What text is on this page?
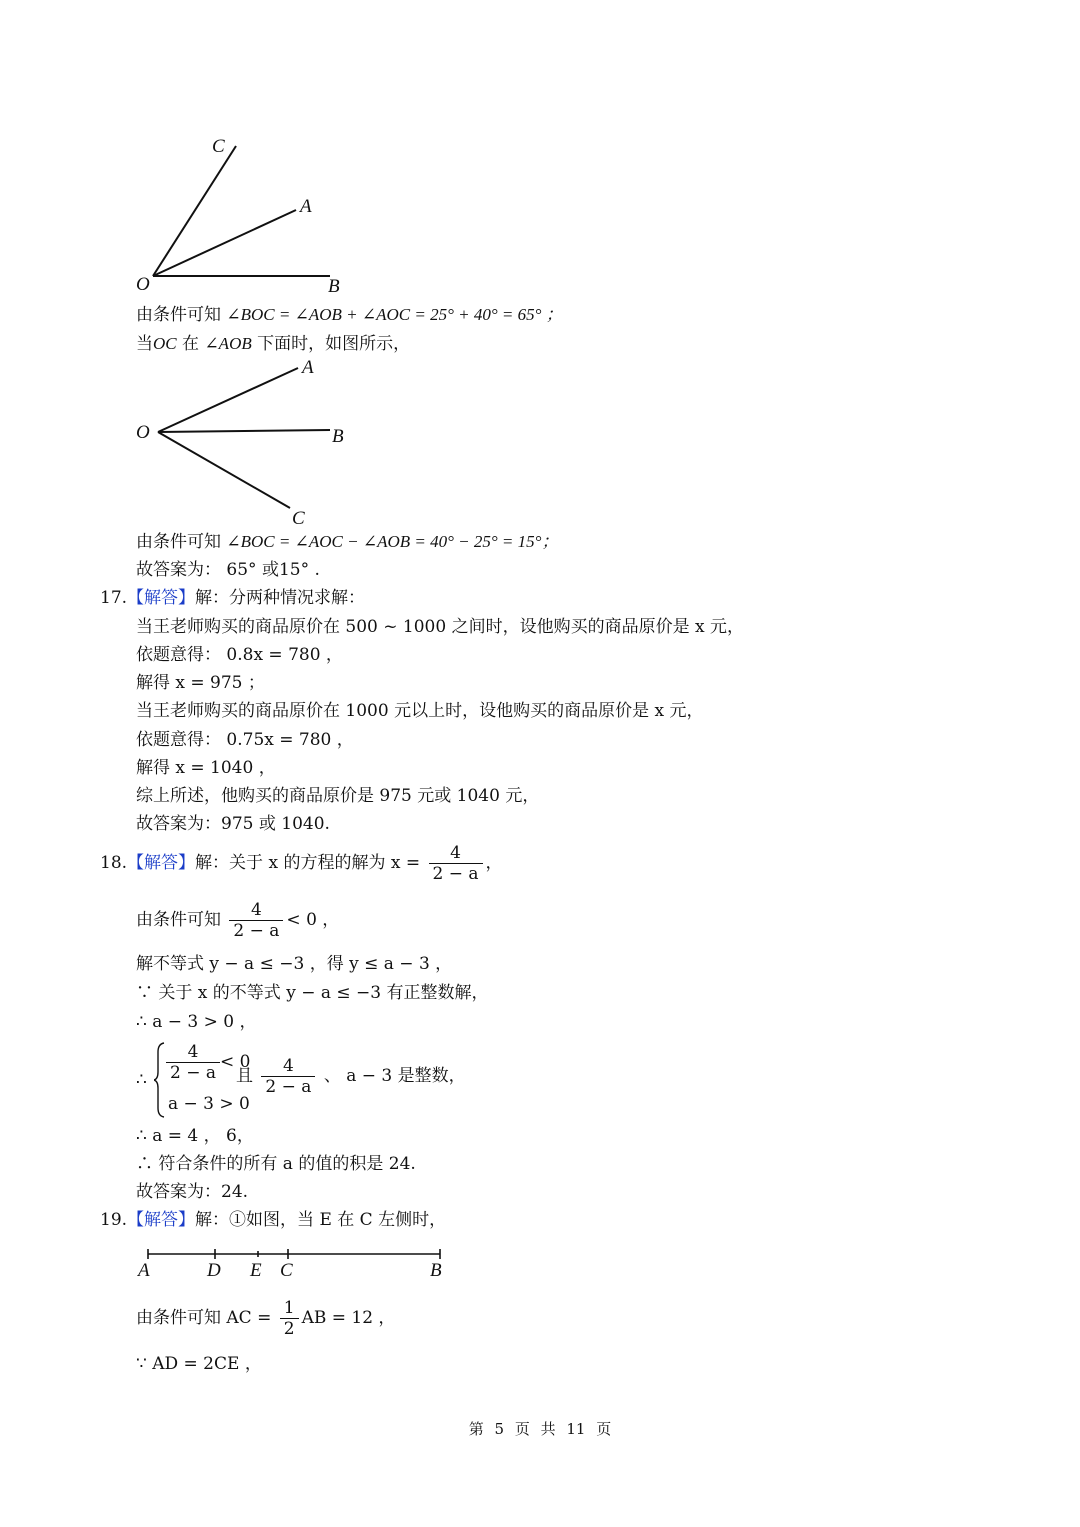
C
A
O	B
由条件可知 ∠BOC = ∠AOB + ∠AOC = 25° + 40° = 65° ；
当OC 在 ∠AOB 下面时，如图所示，
A
O	B
C
由条件可知 ∠BOC = ∠AOC − ∠AOB = 40° − 25° = 15°；
故答案为： 65° 或15° .
17.【解答】解：分两种情况求解：
当王老师购买的商品原价在 500 ~ 1000 之间时，设他购买的商品原价是 x 元，
依题意得： 0.8x = 780 ，
解得 x = 975 ；
当王老师购买的商品原价在 1000 元以上时，设他购买的商品原价是 x 元，
依题意得： 0.75x = 780 ，
解得 x = 1040 ，
综上所述，他购买的商品原价是 975 元或 1040 元，
故答案为：975 或 1040.
18.【解答】解：关于 x 的方程的解为 $x = \frac{4}{2 - a}$ ，
由条件可知 $\frac{4}{2 - a} < 0$ ，
解不等式 y − a ≤ −3 ，得 y ≤ a − 3 ，
∵ 关于 x 的不等式 y − a ≤ −3 有正整数解，
∴ a − 3 > 0 ，
∴ $\frac{4}{2 - a} < 0$
a − 3 > 0
且 $\frac{4}{2 - a}$ 、 a − 3 是整数，
∴ a = 4 ， 6，
∴ 符合条件的所有 a 的值的积是 24.
故答案为：24.
19.【解答】解：①如图，当 E 在 C 左侧时，
A	D E C	B
由条件可知 AC = $\frac{1}{2}$ AB = 12 ，
∵ AD = 2CE ，
第 5 页 共 11 页
